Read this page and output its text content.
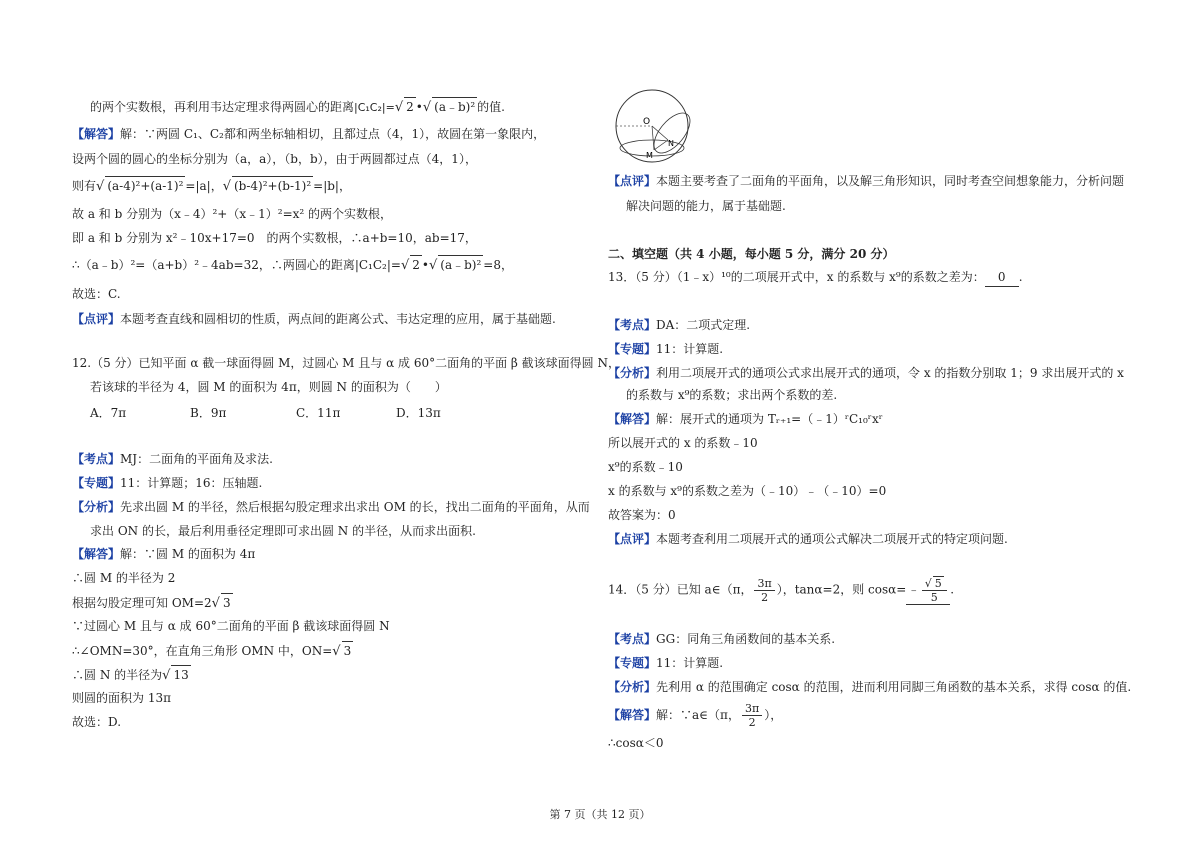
的两个实数根，再利用韦达定理求得两圆心的距离|C₁C₂|=√ 2 •√ (a﹣b)² 的值.
【解答】解：∵两圆 C₁、C₂都和两坐标轴相切，且都过点（4，1），故圆在第一象限内，
设两个圆的圆心的坐标分别为（a，a），（b，b），由于两圆都过点（4，1），
则有√ (a-4)²+(a-1)² =|a|，√ (b-4)²+(b-1)² =|b|，
故 a 和 b 分别为（x﹣4）²+（x﹣1）²=x² 的两个实数根，
即 a 和 b 分别为 x²﹣10x+17=0　的两个实数根，∴a+b=10，ab=17，
∴（a﹣b）²=（a+b）²﹣4ab=32，∴两圆心的距离|C₁C₂|=√ 2 •√ (a﹣b)² =8，
故选：C.
【点评】本题考查直线和圆相切的性质，两点间的距离公式、韦达定理的应用，属于基础题.
12.（5 分）已知平面 α 截一球面得圆 M，过圆心 M 且与 α 成 60°二面角的平面 β 截该球面得圆 N，
若该球的半径为 4，圆 M 的面积为 4π，则圆 N 的面积为（　　）
A．7π	B．9π	C．11π	D．13π
【考点】MJ：二面角的平面角及求法.
【专题】11：计算题；16：压轴题.
【分析】先求出圆 M 的半径，然后根据勾股定理求出求出 OM 的长，找出二面角的平面角，从而
求出 ON 的长，最后利用垂径定理即可求出圆 N 的半径，从而求出面积.
【解答】解：∵圆 M 的面积为 4π
∴圆 M 的半径为 2
根据勾股定理可知 OM=2√ 3
∵过圆心 M 且与 α 成 60°二面角的平面 β 截该球面得圆 N
∴∠OMN=30°，在直角三角形 OMN 中，ON=√ 3
∴圆 N 的半径为√ 13
则圆的面积为 13π
故选：D.
O
M
N
【点评】本题主要考查了二面角的平面角，以及解三角形知识，同时考查空间想象能力，分析问题
解决问题的能力，属于基础题.
二、填空题（共 4 小题，每小题 5 分，满分 20 分）
13．（5 分）（1﹣x）¹⁰的二项展开式中，x 的系数与 x⁹的系数之差为： 0 .
【考点】DA：二项式定理.
【专题】11：计算题.
【分析】利用二项展开式的通项公式求出展开式的通项，令 x 的指数分别取 1；9 求出展开式的 x
的系数与 x⁹的系数；求出两个系数的差.
【解答】解：展开式的通项为 Tᵣ₊₁=（﹣1）ʳC₁₀ʳxʳ
所以展开式的 x 的系数﹣10
x⁹的系数﹣10
x 的系数与 x⁹的系数之差为（﹣10）﹣（﹣10）=0
故答案为：0
【点评】本题考查利用二项展开式的通项公式解决二项展开式的特定项问题.
14．（5 分）已知 a∈（π， $\frac{3\pi}{2}$ ），tanα=2，则 cosα=﹣ $\frac{√ 5}{5}$ .
【考点】GG：同角三角函数间的基本关系.
【专题】11：计算题.
【分析】先利用 α 的范围确定 cosα 的范围，进而利用同脚三角函数的基本关系，求得 cosα 的值.
【解答】解：∵a∈（π， $\frac{3\pi}{2}$ ），
∴cosα＜0
第 7 页（共 12 页）
